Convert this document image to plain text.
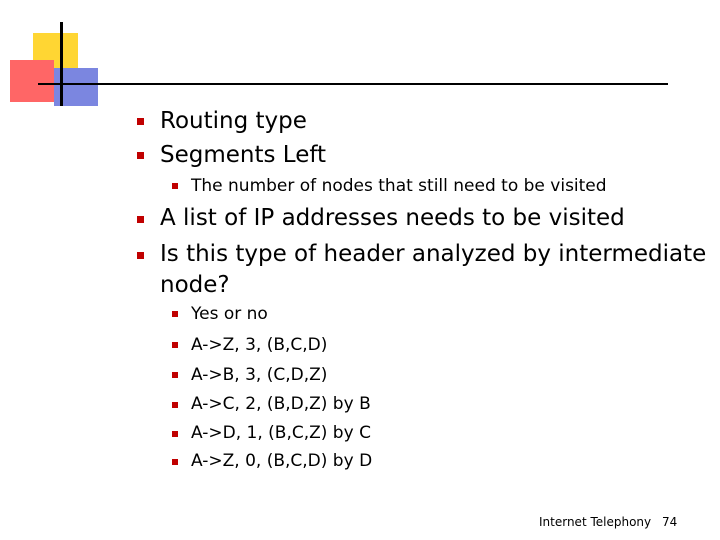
Routing type
Segments Left
The number of nodes that still need to be visited
A list of IP addresses needs to be visited
Is this type of header analyzed by intermediate
node?
Yes or no
A->Z, 3, (B,C,D)
A->B, 3, (C,D,Z)
A->C, 2, (B,D,Z) by B
A->D, 1, (B,C,Z) by C
A->Z, 0, (B,C,D) by D
Internet Telephony 74
